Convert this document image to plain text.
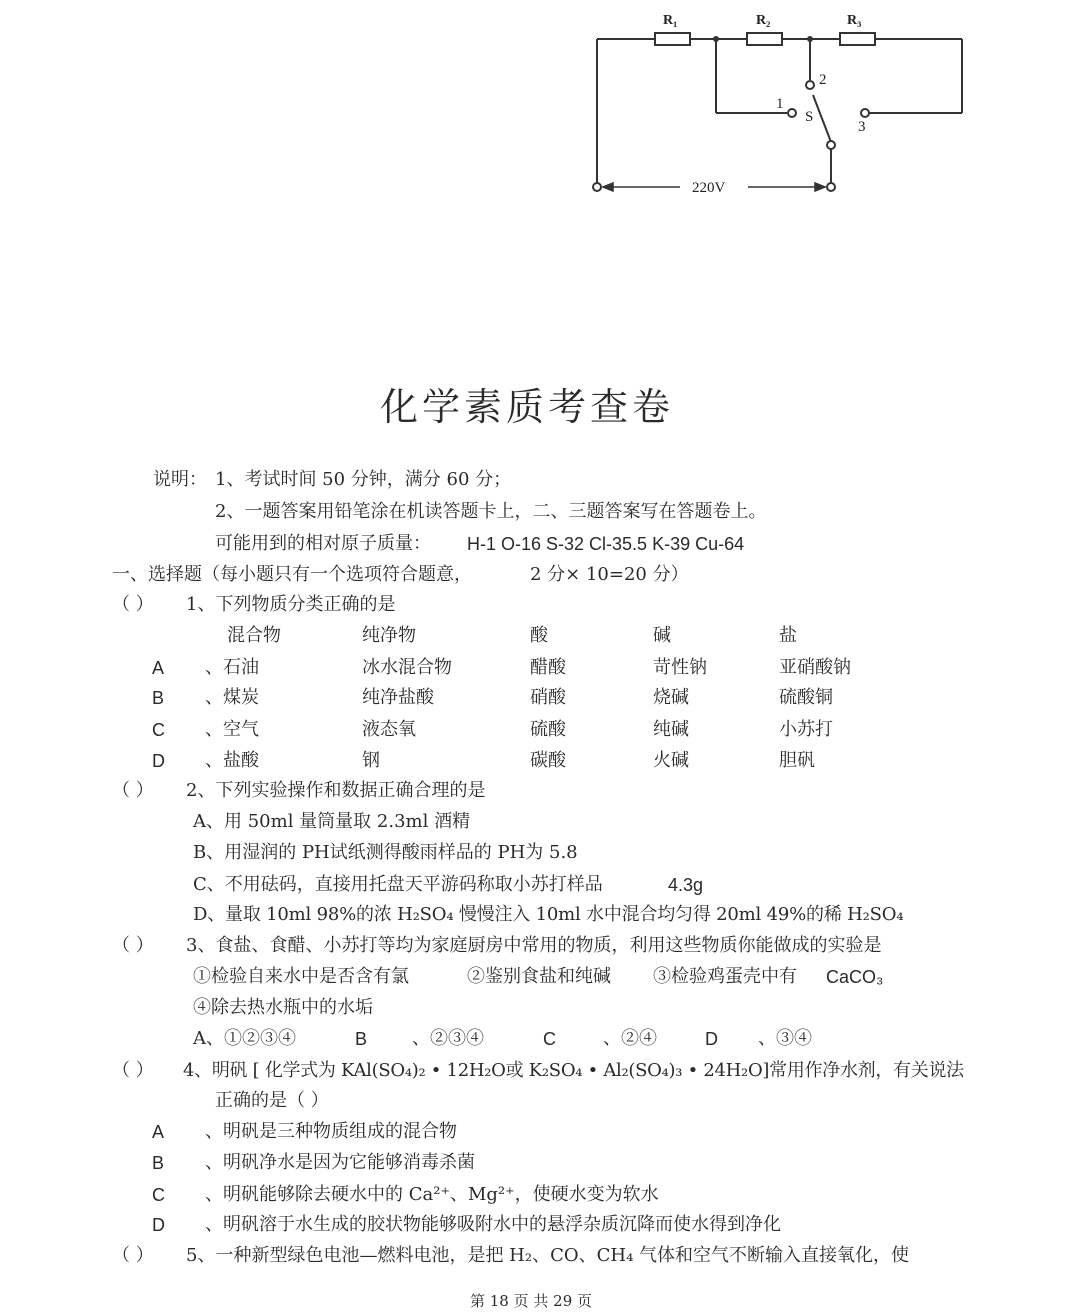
R₁	R₂	R₃
2
1
S
3
220V
化学素质考查卷
说明： 1、考试时间 50 分钟，满分 60 分；
2、一题答案用铅笔涂在机读答题卡上，二、三题答案写在答题卷上。
可能用到的相对原子质量： H-1 O-16 S-32 Cl-35.5 K-39 Cu-64
一、选择题（每小题只有一个选项符合题意，	2 分× 10=20 分）
（ ） 1、下列物质分类正确的是
混合物	纯净物	酸	碱	盐
A 、石油	冰水混合物	醋酸	苛性钠	亚硝酸钠
B 、煤炭	纯净盐酸	硝酸	烧碱	硫酸铜
C 、空气	液态氧	硫酸	纯碱	小苏打
D 、盐酸	钢	碳酸	火碱	胆矾
（ ） 2、下列实验操作和数据正确合理的是
A、用 50ml 量筒量取 2.3ml 酒精
B、用湿润的 PH试纸测得酸雨样品的 PH为 5.8
C、不用砝码，直接用托盘天平游码称取小苏打样品	4.3g
D、量取 10ml 98%的浓 H₂SO₄ 慢慢注入 10ml 水中混合均匀得 20ml 49%的稀 H₂SO₄
（ ） 3、食盐、食醋、小苏打等均为家庭厨房中常用的物质，利用这些物质你能做成的实验是
①检验自来水中是否含有氯	②鉴别食盐和纯碱 ③检验鸡蛋壳中有 CaCO₃
④除去热水瓶中的水垢
A、①②③④	B 、②③④	C	、②④	D 、③④
（ ） 4、明矾 [ 化学式为 KAl(SO₄)₂ • 12H₂O或 K₂SO₄ • Al₂(SO₄)₃ • 24H₂O]常用作净水剂，有关说法
正确的是（ ）
A 、明矾是三种物质组成的混合物
B 、明矾净水是因为它能够消毒杀菌
C 、明矾能够除去硬水中的 Ca²⁺、Mg²⁺，使硬水变为软水
D 、明矾溶于水生成的胶状物能够吸附水中的悬浮杂质沉降而使水得到净化
（ ） 5、一种新型绿色电池—燃料电池，是把 H₂、CO、CH₄ 气体和空气不断输入直接氧化，使
第 18 页 共 29 页
